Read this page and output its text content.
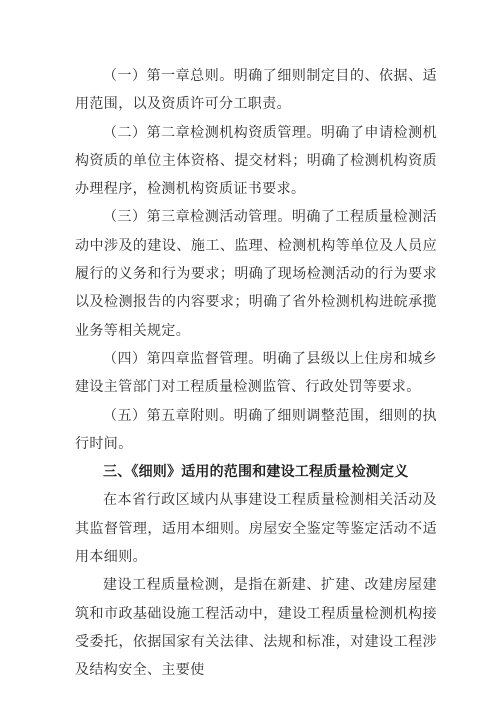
（一）第一章总则。明确了细则制定目的、依据、适用范围，以及资质许可分工职责。

（二）第二章检测机构资质管理。明确了申请检测机构资质的单位主体资格、提交材料；明确了检测机构资质办理程序，检测机构资质证书要求。

（三）第三章检测活动管理。明确了工程质量检测活动中涉及的建设、施工、监理、检测机构等单位及人员应履行的义务和行为要求；明确了现场检测活动的行为要求以及检测报告的内容要求；明确了省外检测机构进皖承揽业务等相关规定。

（四）第四章监督管理。明确了县级以上住房和城乡建设主管部门对工程质量检测监管、行政处罚等要求。

（五）第五章附则。明确了细则调整范围，细则的执行时间。

三、《细则》适用的范围和建设工程质量检测定义

在本省行政区域内从事建设工程质量检测相关活动及其监督管理，适用本细则。房屋安全鉴定等鉴定活动不适用本细则。

建设工程质量检测，是指在新建、扩建、改建房屋建筑和市政基础设施工程活动中，建设工程质量检测机构接受委托，依据国家有关法律、法规和标准，对建设工程涉及结构安全、主要使
